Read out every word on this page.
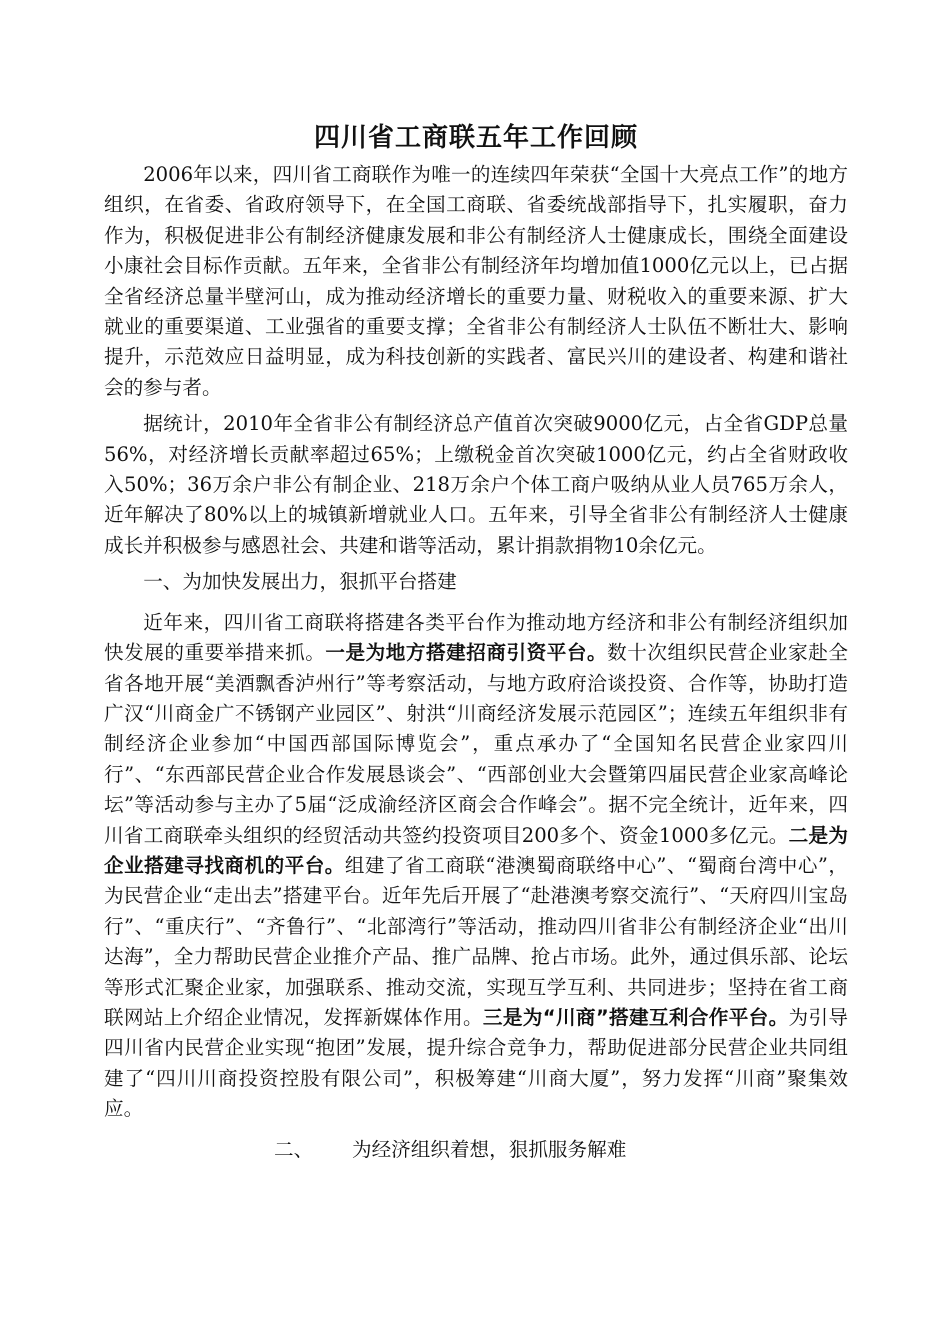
四川省工商联五年工作回顾

2006年以来，四川省工商联作为唯一的连续四年荣获“全国十大亮点工作”的地方组织，在省委、省政府领导下，在全国工商联、省委统战部指导下，扎实履职，奋力作为，积极促进非公有制经济健康发展和非公有制经济人士健康成长，围绕全面建设小康社会目标作贡献。五年来，全省非公有制经济年均增加值1000亿元以上，已占据全省经济总量半壁河山，成为推动经济增长的重要力量、财税收入的重要来源、扩大就业的重要渠道、工业强省的重要支撑；全省非公有制经济人士队伍不断壮大、影响提升，示范效应日益明显，成为科技创新的实践者、富民兴川的建设者、构建和谐社会的参与者。

据统计，2010年全省非公有制经济总产值首次突破9000亿元，占全省GDP总量56%，对经济增长贡献率超过65%；上缴税金首次突破1000亿元，约占全省财政收入50%；36万余户非公有制企业、218万余户个体工商户吸纳从业人员765万余人，近年解决了80%以上的城镇新增就业人口。五年来，引导全省非公有制经济人士健康成长并积极参与感恩社会、共建和谐等活动，累计捐款捐物10余亿元。

一、为加快发展出力，狠抓平台搭建

近年来，四川省工商联将搭建各类平台作为推动地方经济和非公有制经济组织加快发展的重要举措来抓。一是为地方搭建招商引资平台。数十次组织民营企业家赴全省各地开展“美酒飘香泸州行”等考察活动，与地方政府洽谈投资、合作等，协助打造广汉“川商金广不锈钢产业园区”、射洪“川商经济发展示范园区”；连续五年组织非有制经济企业参加“中国西部国际博览会”，重点承办了“全国知名民营企业家四川行”、“东西部民营企业合作发展恳谈会”、“西部创业大会暨第四届民营企业家高峰论坛”等活动参与主办了5届“泛成渝经济区商会合作峰会”。据不完全统计，近年来，四川省工商联牵头组织的经贸活动共签约投资项目200多个、资金1000多亿元。二是为企业搭建寻找商机的平台。组建了省工商联“港澳蜀商联络中心”、“蜀商台湾中心”，为民营企业“走出去”搭建平台。近年先后开展了“赴港澳考察交流行”、“天府四川宝岛行”、“重庆行”、“齐鲁行”、“北部湾行”等活动，推动四川省非公有制经济企业“出川达海”，全力帮助民营企业推介产品、推广品牌、抢占市场。此外，通过俱乐部、论坛等形式汇聚企业家，加强联系、推动交流，实现互学互利、共同进步；坚持在省工商联网站上介绍企业情况，发挥新媒体作用。三是为“川商”搭建互利合作平台。为引导四川省内民营企业实现“抱团”发展，提升综合竞争力，帮助促进部分民营企业共同组建了“四川川商投资控股有限公司”，积极筹建“川商大厦”，努力发挥“川商”聚集效应。

二、 为经济组织着想，狠抓服务解难
